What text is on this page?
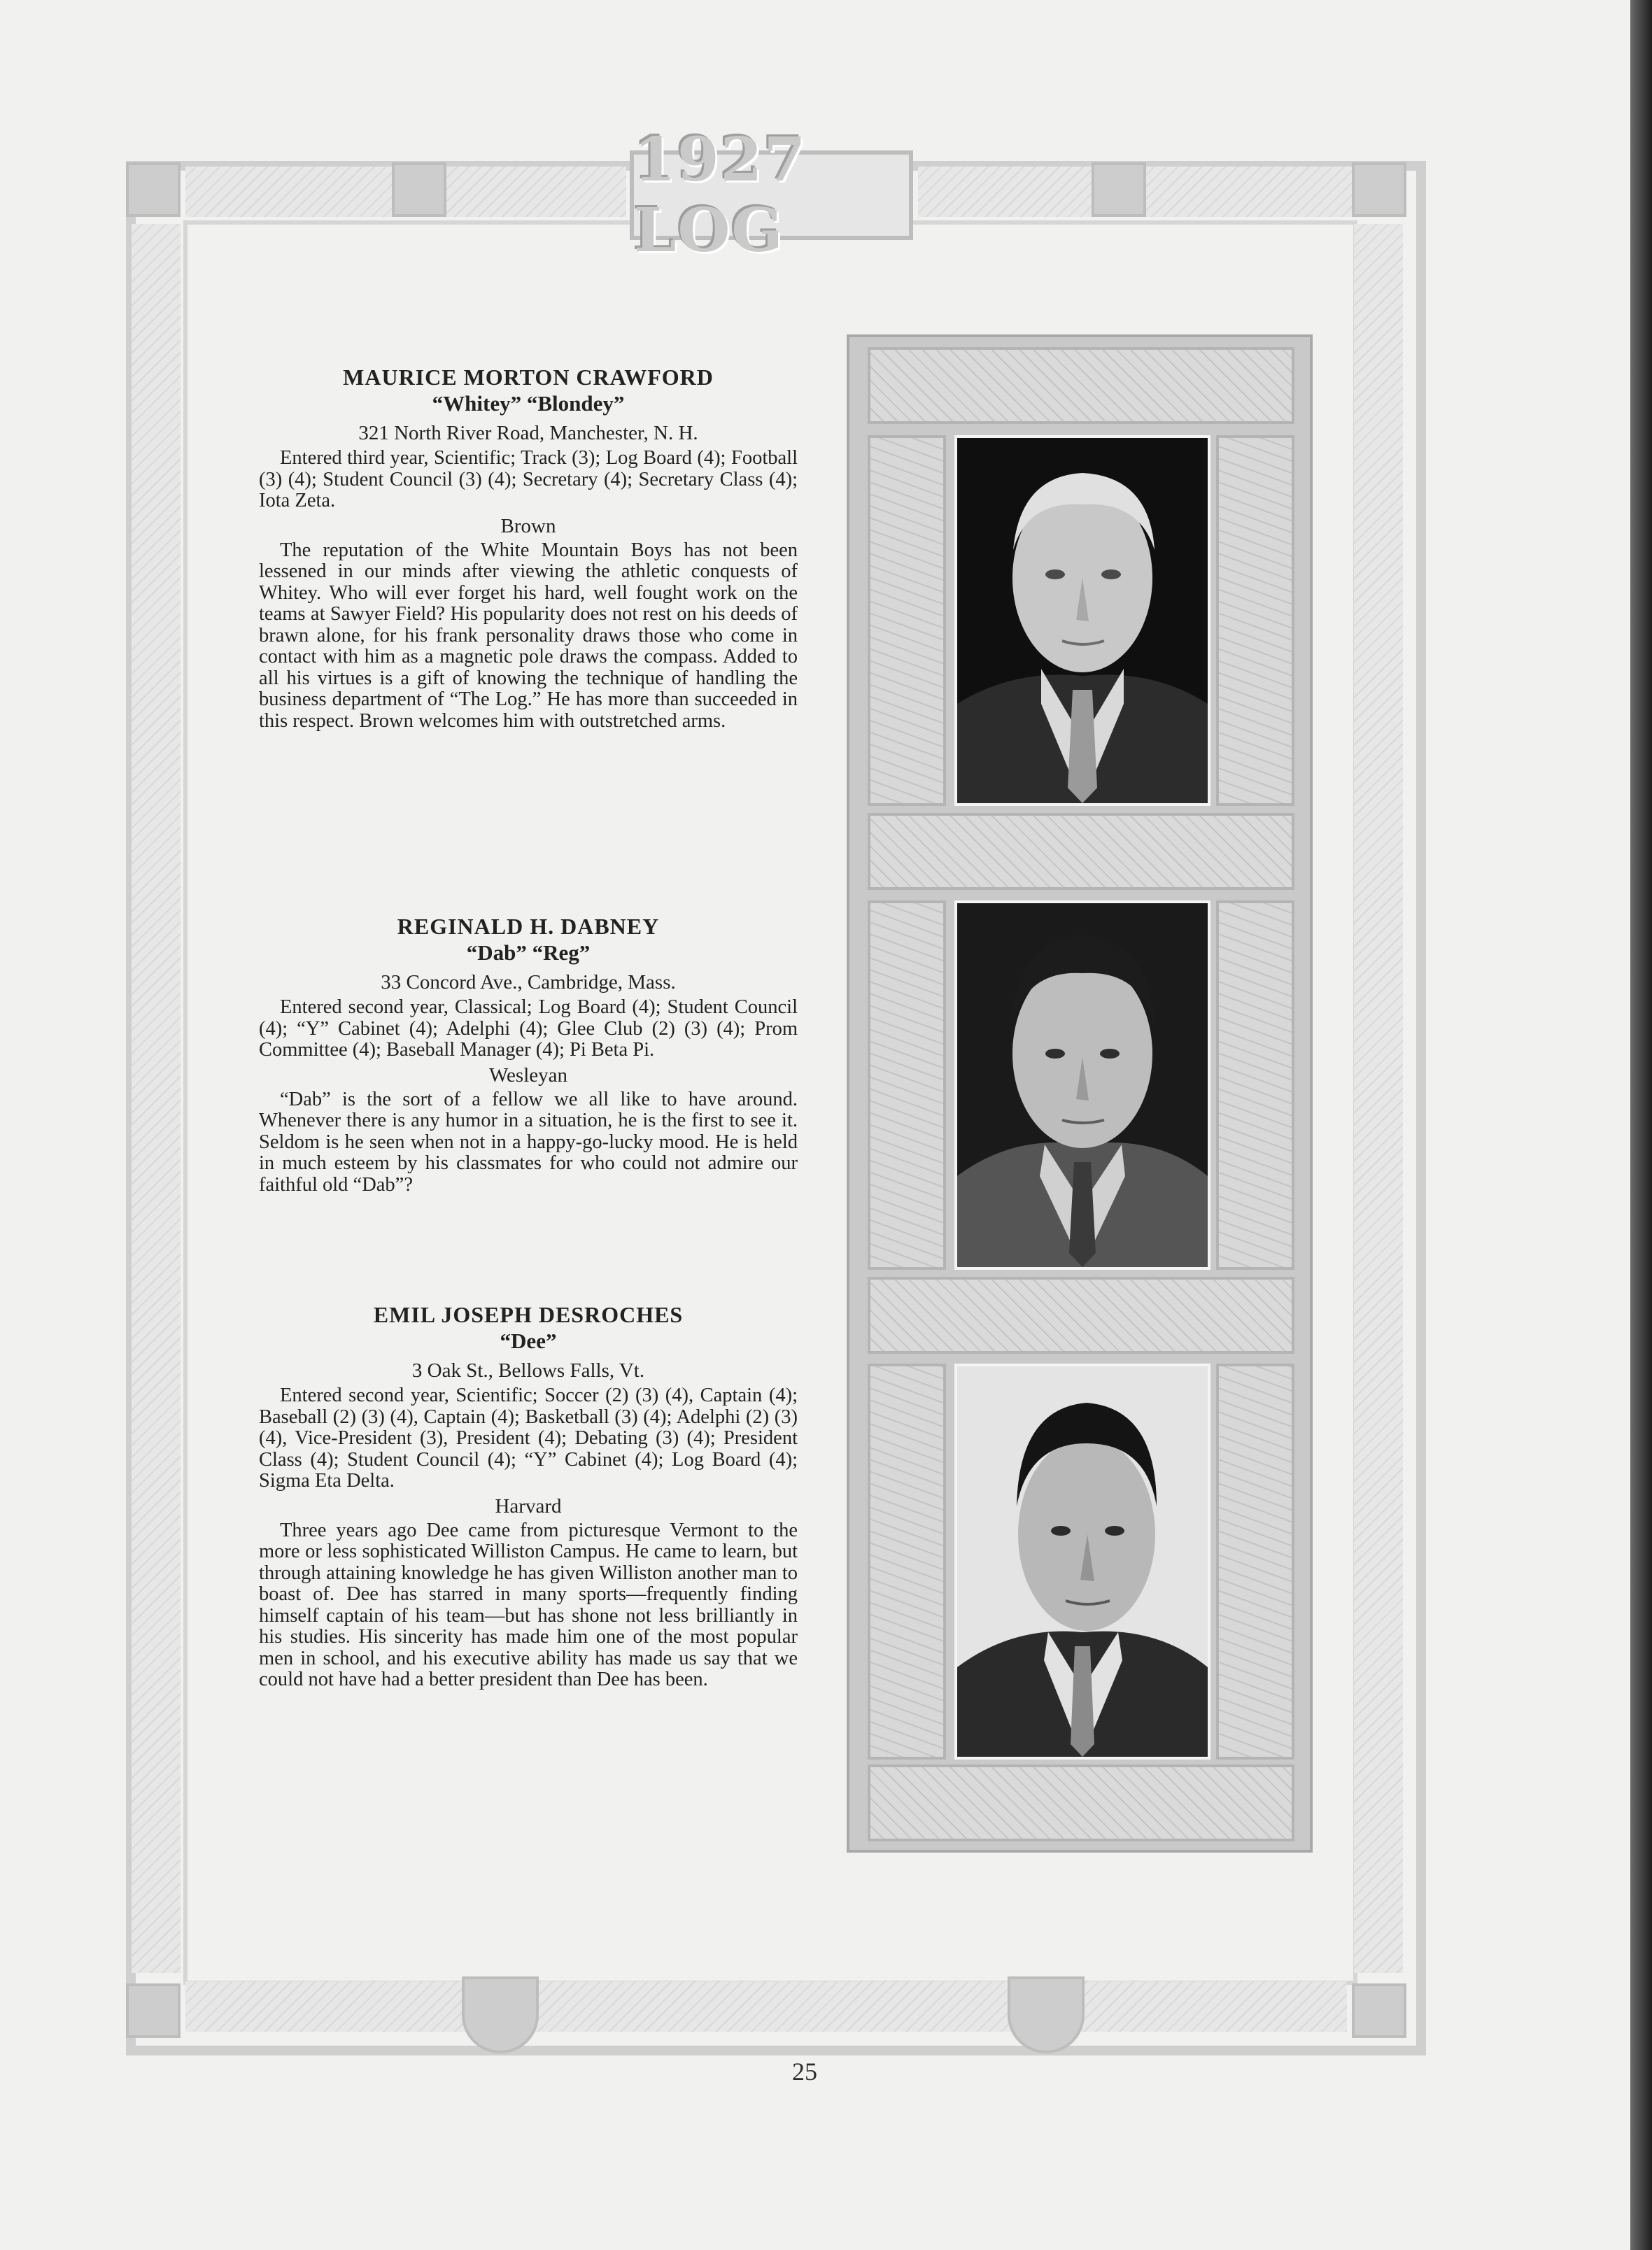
1927 LOG

MAURICE MORTON CRAWFORD

“Whitey” “Blondey”

321 North River Road, Manchester, N. H.

Entered third year, Scientific; Track (3); Log Board (4); Football (3) (4); Student Council (3) (4); Secretary (4); Secretary Class (4); Iota Zeta.

Brown

The reputation of the White Mountain Boys has not been lessened in our minds after viewing the athletic conquests of Whitey. Who will ever forget his hard, well fought work on the teams at Sawyer Field? His popularity does not rest on his deeds of brawn alone, for his frank personality draws those who come in contact with him as a magnetic pole draws the compass. Added to all his virtues is a gift of knowing the technique of handling the business department of “The Log.” He has more than succeeded in this respect. Brown welcomes him with outstretched arms.

REGINALD H. DABNEY

“Dab” “Reg”

33 Concord Ave., Cambridge, Mass.

Entered second year, Classical; Log Board (4); Student Council (4); “Y” Cabinet (4); Adelphi (4); Glee Club (2) (3) (4); Prom Committee (4); Baseball Manager (4); Pi Beta Pi.

Wesleyan

“Dab” is the sort of a fellow we all like to have around. Whenever there is any humor in a situation, he is the first to see it. Seldom is he seen when not in a happy-go-lucky mood. He is held in much esteem by his classmates for who could not admire our faithful old “Dab”?

EMIL JOSEPH DESROCHES

“Dee”

3 Oak St., Bellows Falls, Vt.

Entered second year, Scientific; Soccer (2) (3) (4), Captain (4); Baseball (2) (3) (4), Captain (4); Basketball (3) (4); Adelphi (2) (3) (4), Vice-President (3), President (4); Debating (3) (4); President Class (4); Student Council (4); “Y” Cabinet (4); Log Board (4); Sigma Eta Delta.

Harvard

Three years ago Dee came from picturesque Vermont to the more or less sophisticated Williston Campus. He came to learn, but through attaining knowledge he has given Williston another man to boast of. Dee has starred in many sports—frequently finding himself captain of his team—but has shone not less brilliantly in his studies. His sincerity has made him one of the most popular men in school, and his executive ability has made us say that we could not have had a better president than Dee has been.

25
